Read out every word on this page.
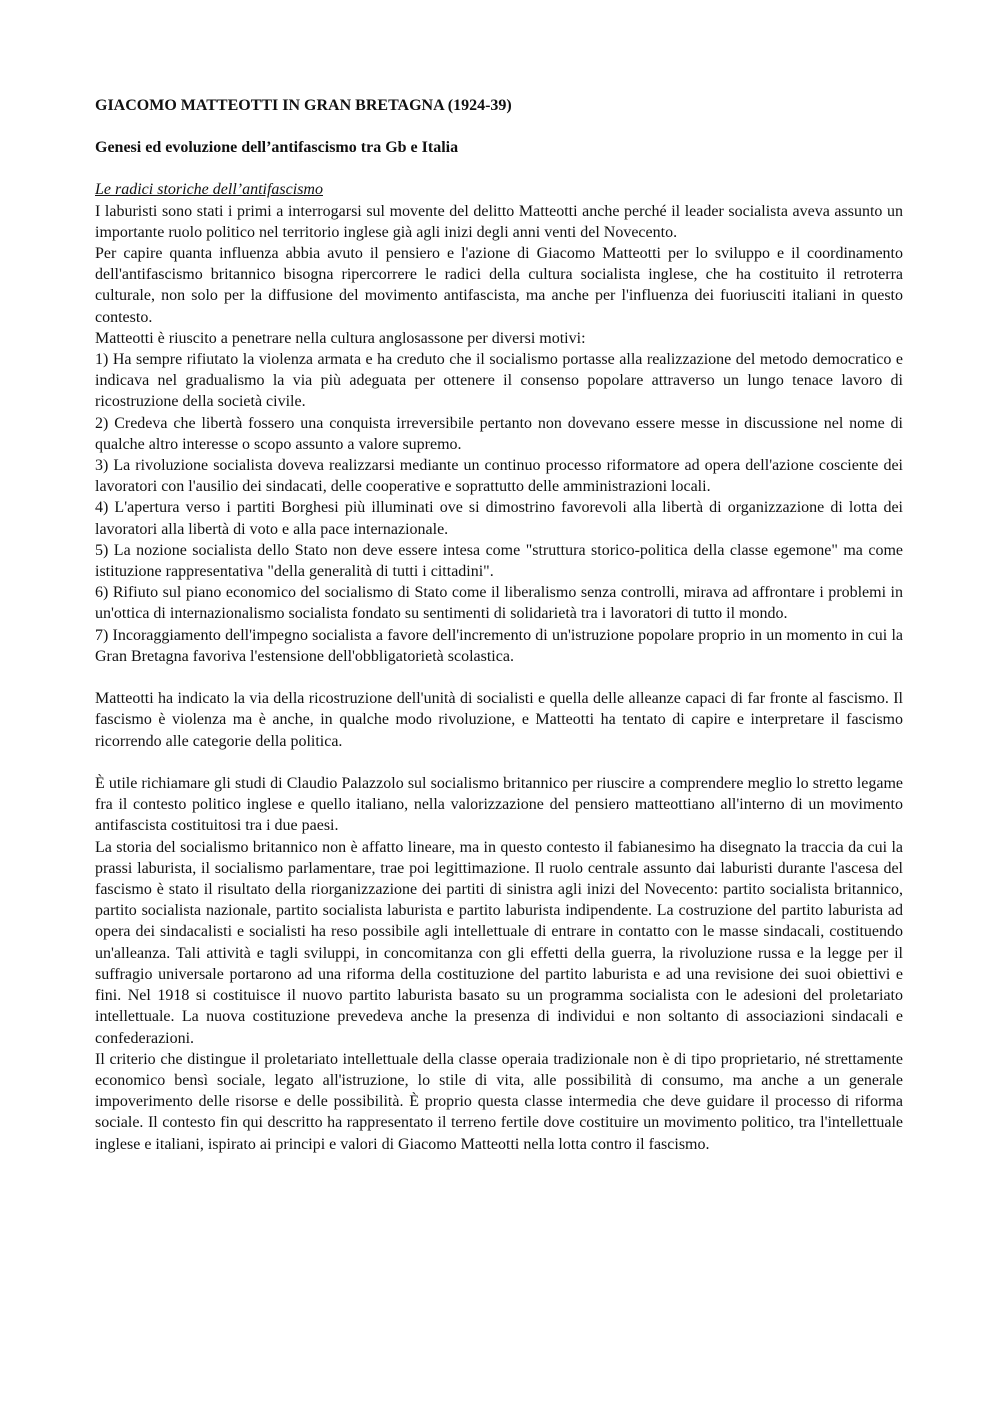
GIACOMO MATTEOTTI IN GRAN BRETAGNA (1924-39)

Genesi ed evoluzione dell’antifascismo tra Gb e Italia

Le radici storiche dell’antifascismo

I laburisti sono stati i primi a interrogarsi sul movente del delitto Matteotti anche perché il leader socialista aveva assunto un importante ruolo politico nel territorio inglese già agli inizi degli anni venti del Novecento.

Per capire quanta influenza abbia avuto il pensiero e l'azione di Giacomo Matteotti per lo sviluppo e il coordinamento dell'antifascismo britannico bisogna ripercorrere le radici della cultura socialista inglese, che ha costituito il retroterra culturale, non solo per la diffusione del movimento antifascista, ma anche per l'influenza dei fuoriusciti italiani in questo contesto.

Matteotti è riuscito a penetrare nella cultura anglosassone per diversi motivi:

1) Ha sempre rifiutato la violenza armata e ha creduto che il socialismo portasse alla realizzazione del metodo democratico e indicava nel gradualismo la via più adeguata per ottenere il consenso popolare attraverso un lungo tenace lavoro di ricostruzione della società civile.

2) Credeva che libertà fossero una conquista irreversibile pertanto non dovevano essere messe in discussione nel nome di qualche altro interesse o scopo assunto a valore supremo.

3) La rivoluzione socialista doveva realizzarsi mediante un continuo processo riformatore ad opera dell'azione cosciente dei lavoratori con l'ausilio dei sindacati, delle cooperative e soprattutto delle amministrazioni locali.

4) L'apertura verso i partiti Borghesi più illuminati ove si dimostrino favorevoli alla libertà di organizzazione di lotta dei lavoratori alla libertà di voto e alla pace internazionale.

5) La nozione socialista dello Stato non deve essere intesa come "struttura storico-politica della classe egemone" ma come istituzione rappresentativa "della generalità di tutti i cittadini".

6) Rifiuto sul piano economico del socialismo di Stato come il liberalismo senza controlli, mirava ad affrontare i problemi in un'ottica di internazionalismo socialista fondato su sentimenti di solidarietà tra i lavoratori di tutto il mondo.

7) Incoraggiamento dell'impegno socialista a favore dell'incremento di un'istruzione popolare proprio in un momento in cui la Gran Bretagna favoriva l'estensione dell'obbligatorietà scolastica.

Matteotti ha indicato la via della ricostruzione dell'unità di socialisti e quella delle alleanze capaci di far fronte al fascismo. Il fascismo è violenza ma è anche, in qualche modo rivoluzione, e Matteotti ha tentato di capire e interpretare il fascismo ricorrendo alle categorie della politica.

È utile richiamare gli studi di Claudio Palazzolo sul socialismo britannico per riuscire a comprendere meglio lo stretto legame fra il contesto politico inglese e quello italiano, nella valorizzazione del pensiero matteottiano all'interno di un movimento antifascista costituitosi tra i due paesi.

La storia del socialismo britannico non è affatto lineare, ma in questo contesto il fabianesimo ha disegnato la traccia da cui la prassi laburista, il socialismo parlamentare, trae poi legittimazione. Il ruolo centrale assunto dai laburisti durante l'ascesa del fascismo è stato il risultato della riorganizzazione dei partiti di sinistra agli inizi del Novecento: partito socialista britannico, partito socialista nazionale, partito socialista laburista e partito laburista indipendente. La costruzione del partito laburista ad opera dei sindacalisti e socialisti ha reso possibile agli intellettuale di entrare in contatto con le masse sindacali, costituendo un'alleanza. Tali attività e tagli sviluppi, in concomitanza con gli effetti della guerra, la rivoluzione russa e la legge per il suffragio universale portarono ad una riforma della costituzione del partito laburista e ad una revisione dei suoi obiettivi e fini. Nel 1918 si costituisce il nuovo partito laburista basato su un programma socialista con le adesioni del proletariato intellettuale. La nuova costituzione prevedeva anche la presenza di individui e non soltanto di associazioni sindacali e confederazioni.

Il criterio che distingue il proletariato intellettuale della classe operaia tradizionale non è di tipo proprietario, né strettamente economico bensì sociale, legato all'istruzione, lo stile di vita, alle possibilità di consumo, ma anche a un generale impoverimento delle risorse e delle possibilità. È proprio questa classe intermedia che deve guidare il processo di riforma sociale. Il contesto fin qui descritto ha rappresentato il terreno fertile dove costituire un movimento politico, tra l'intellettuale inglese e italiani, ispirato ai principi e valori di Giacomo Matteotti nella lotta contro il fascismo.
